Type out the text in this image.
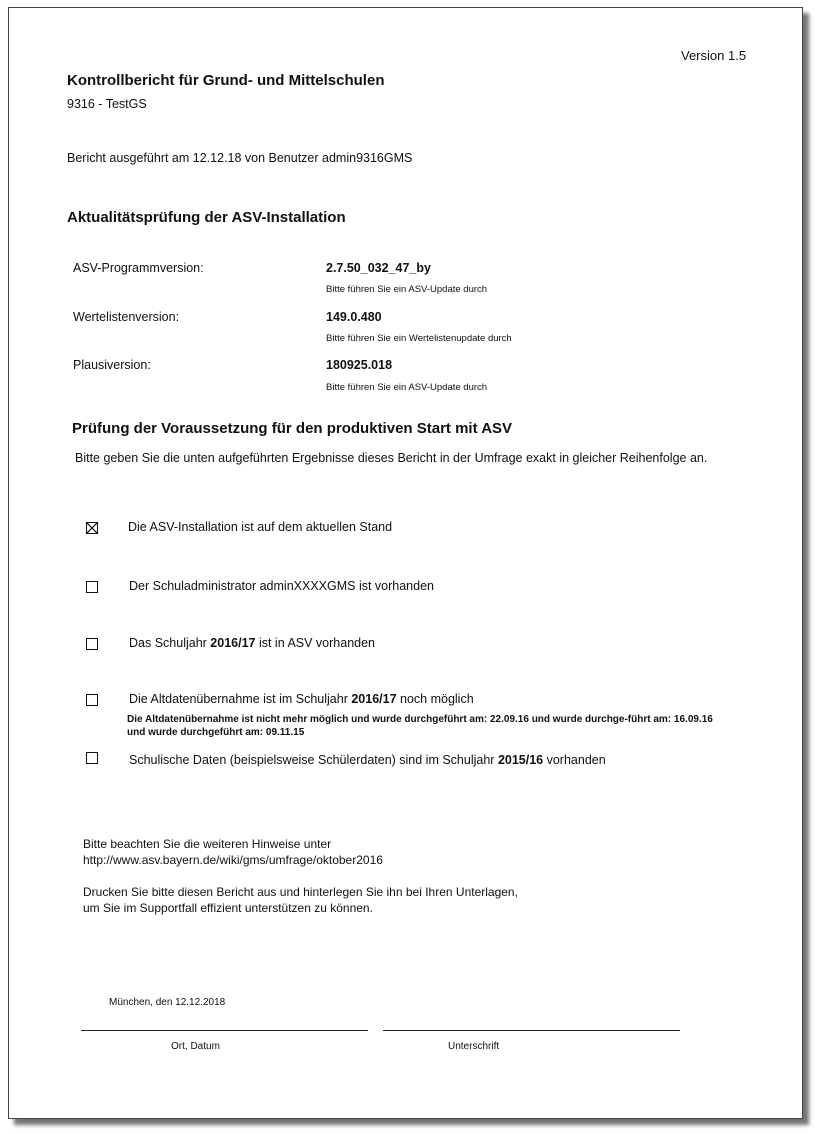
Version 1.5
Kontrollbericht für Grund- und Mittelschulen
9316 - TestGS
Bericht ausgeführt am 12.12.18 von Benutzer admin9316GMS
Aktualitätsprüfung der ASV-Installation
ASV-Programmversion:	2.7.50_032_47_by
Bitte führen Sie ein ASV-Update durch
Wertelistenversion:	149.0.480
Bitte führen Sie ein Wertelistenupdate durch
Plausiversion:	180925.018
Bitte führen Sie ein ASV-Update durch
Prüfung der Voraussetzung für den produktiven Start mit ASV
Bitte geben Sie die unten aufgeführten Ergebnisse dieses Bericht in der Umfrage exakt in gleicher Reihenfolge an.
Die ASV-Installation ist auf dem aktuellen Stand
Der Schuladministrator adminXXXXGMS ist vorhanden
Das Schuljahr 2016/17 ist in ASV vorhanden
Die Altdatenübernahme ist im Schuljahr 2016/17 noch möglich
Die Altdatenübernahme ist nicht mehr möglich und wurde durchgeführt am: 22.09.16 und wurde durchge-führt am: 16.09.16 und wurde durchgeführt am: 09.11.15
Schulische Daten (beispielsweise Schülerdaten) sind im Schuljahr 2015/16 vorhanden
Bitte beachten Sie die weiteren Hinweise unter
http://www.asv.bayern.de/wiki/gms/umfrage/oktober2016
Drucken Sie bitte diesen Bericht aus und hinterlegen Sie ihn bei Ihren Unterlagen,
um Sie im Supportfall effizient unterstützen zu können.
München, den 12.12.2018
Ort, Datum	Unterschrift
